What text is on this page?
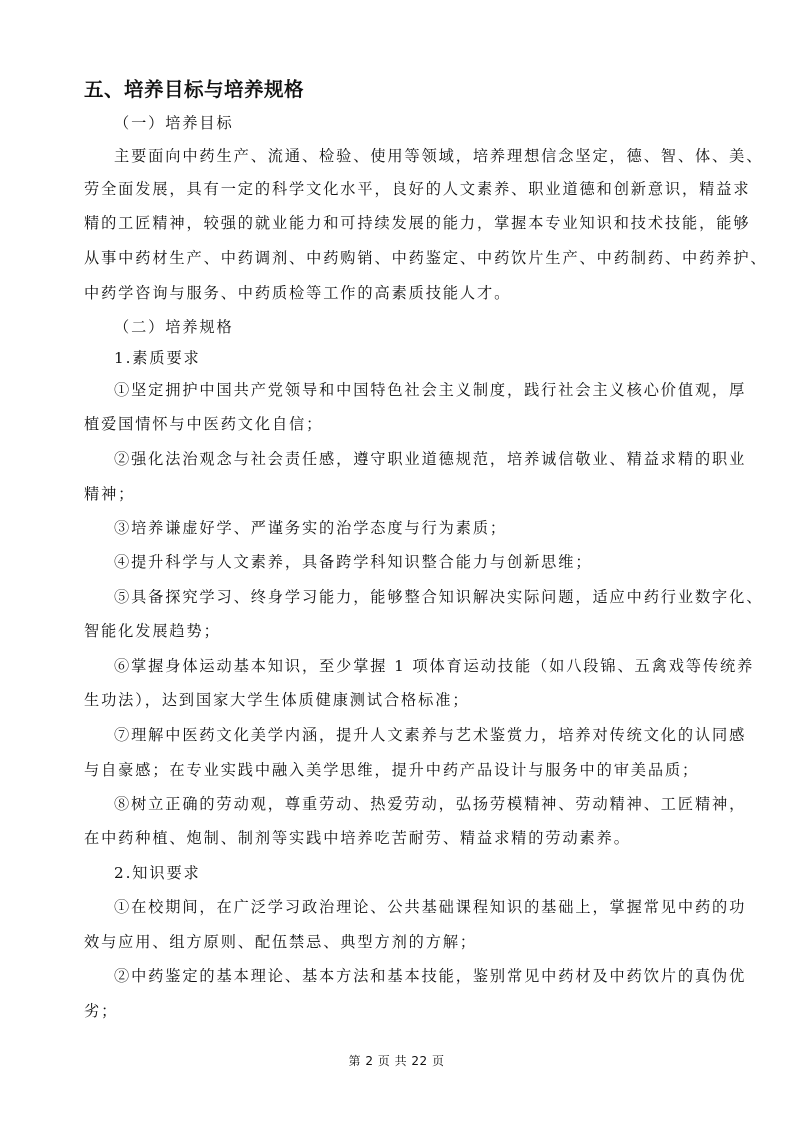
五、培养目标与培养规格
（一）培养目标
主要面向中药生产、流通、检验、使用等领域，培养理想信念坚定，德、智、体、美、
劳全面发展，具有一定的科学文化水平，良好的人文素养、职业道德和创新意识，精益求
精的工匠精神，较强的就业能力和可持续发展的能力，掌握本专业知识和技术技能，能够
从事中药材生产、中药调剂、中药购销、中药鉴定、中药饮片生产、中药制药、中药养护、
中药学咨询与服务、中药质检等工作的高素质技能人才。
（二）培养规格
1.素质要求
①坚定拥护中国共产党领导和中国特色社会主义制度，践行社会主义核心价值观，厚
植爱国情怀与中医药文化自信；
②强化法治观念与社会责任感，遵守职业道德规范，培养诚信敬业、精益求精的职业
精神；
③培养谦虚好学、严谨务实的治学态度与行为素质；
④提升科学与人文素养，具备跨学科知识整合能力与创新思维；
⑤具备探究学习、终身学习能力，能够整合知识解决实际问题，适应中药行业数字化、
智能化发展趋势；
⑥掌握身体运动基本知识，至少掌握 1 项体育运动技能（如八段锦、五禽戏等传统养
生功法），达到国家大学生体质健康测试合格标准；
⑦理解中医药文化美学内涵，提升人文素养与艺术鉴赏力，培养对传统文化的认同感
与自豪感；在专业实践中融入美学思维，提升中药产品设计与服务中的审美品质；
⑧树立正确的劳动观，尊重劳动、热爱劳动，弘扬劳模精神、劳动精神、工匠精神，
在中药种植、炮制、制剂等实践中培养吃苦耐劳、精益求精的劳动素养。
2.知识要求
①在校期间，在广泛学习政治理论、公共基础课程知识的基础上，掌握常见中药的功
效与应用、组方原则、配伍禁忌、典型方剂的方解；
②中药鉴定的基本理论、基本方法和基本技能，鉴别常见中药材及中药饮片的真伪优
劣；
第 2 页 共 22 页
